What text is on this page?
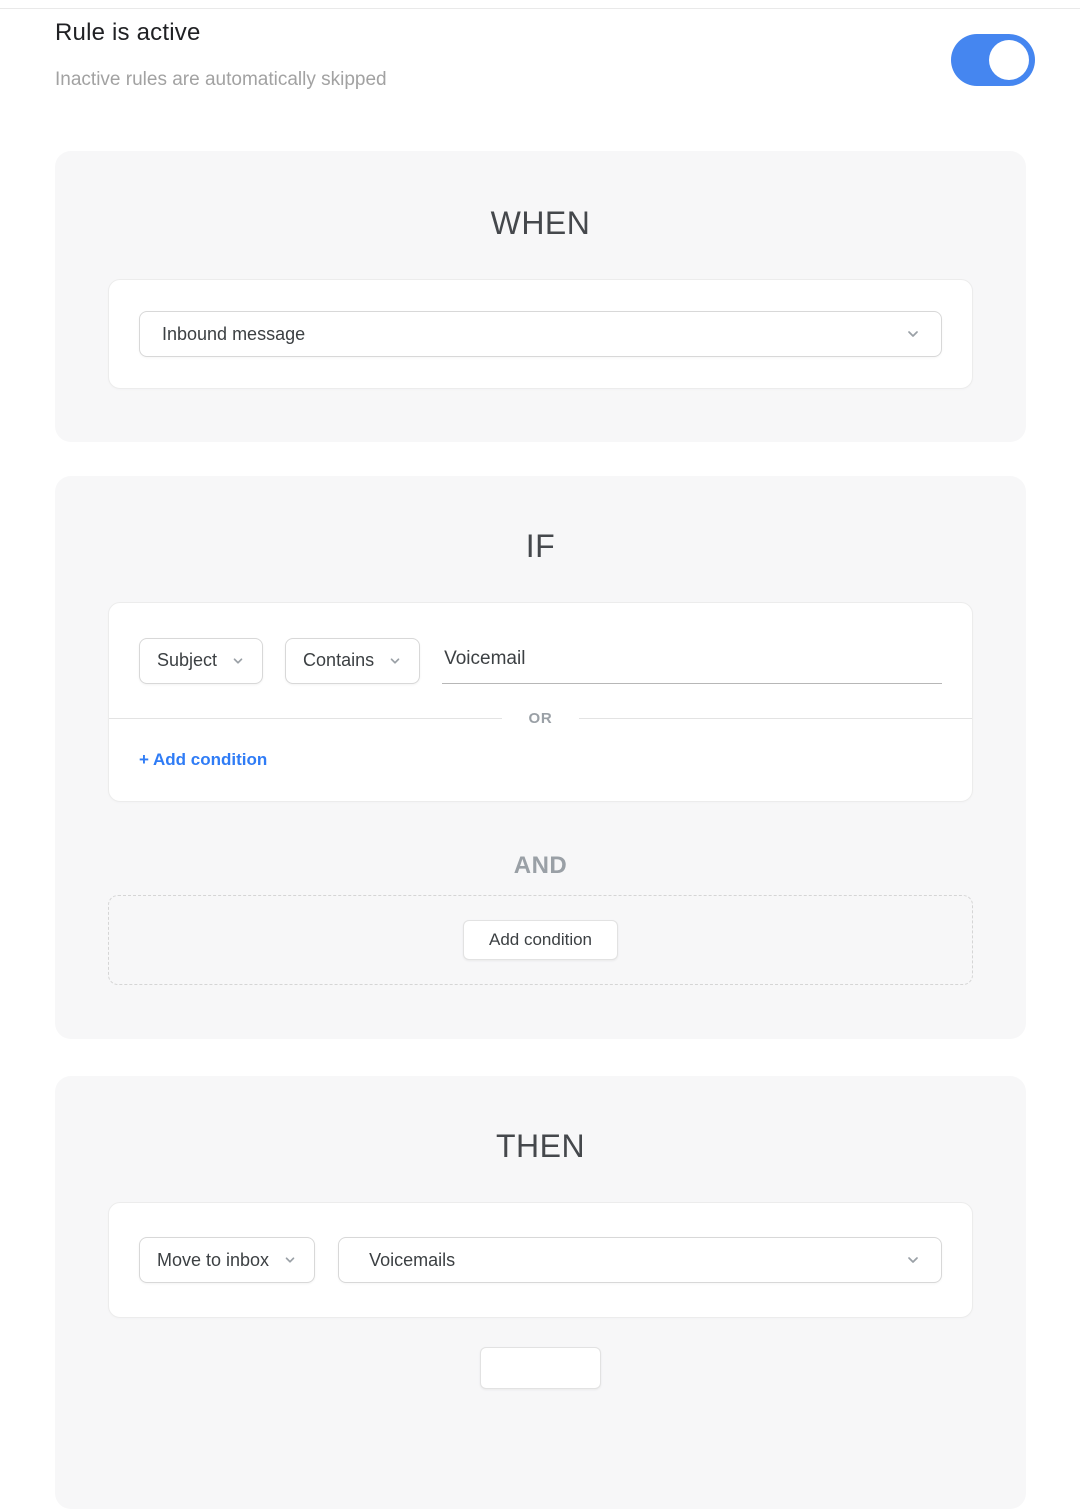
Rule is active

Inactive rules are automatically skipped

WHEN
Inbound message
IF
Subject	Contains
Voicemail
OR
+ Add condition
AND
Add condition
THEN
Move to inbox	Voicemails
